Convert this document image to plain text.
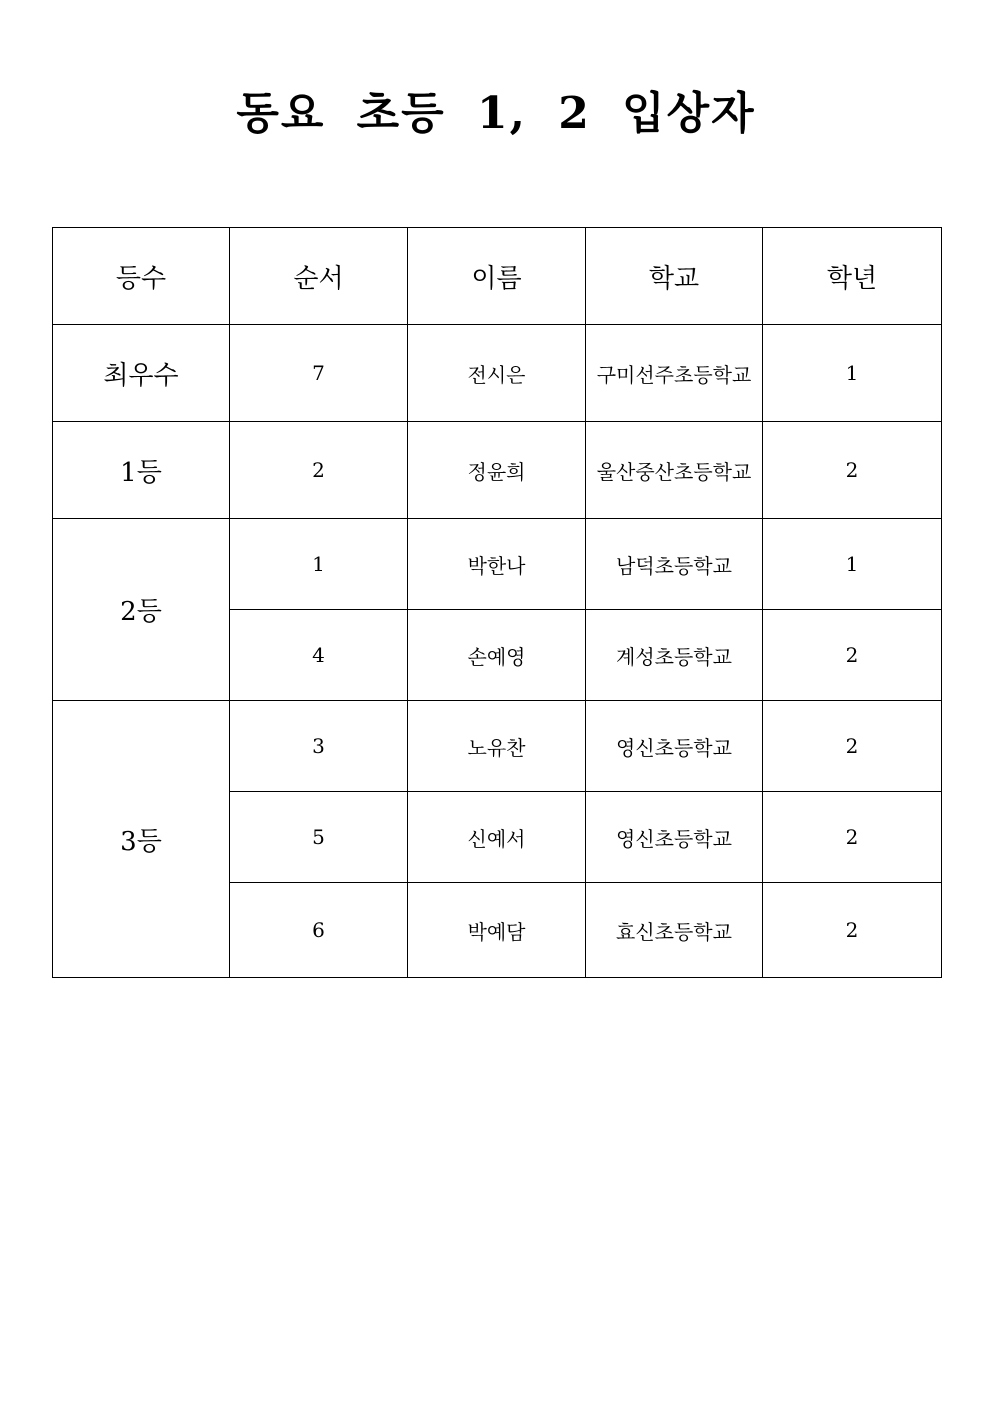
동요 초등 1, 2 입상자
등수	순서	이름	학교	학년
최우수	7	전시은	구미선주초등학교	1
1등	2	정윤희	울산중산초등학교	2
2등	1	박한나	남덕초등학교	1
	4	손예영	계성초등학교	2
3등	3	노유찬	영신초등학교	2
	5	신예서	영신초등학교	2
	6	박예담	효신초등학교	2
